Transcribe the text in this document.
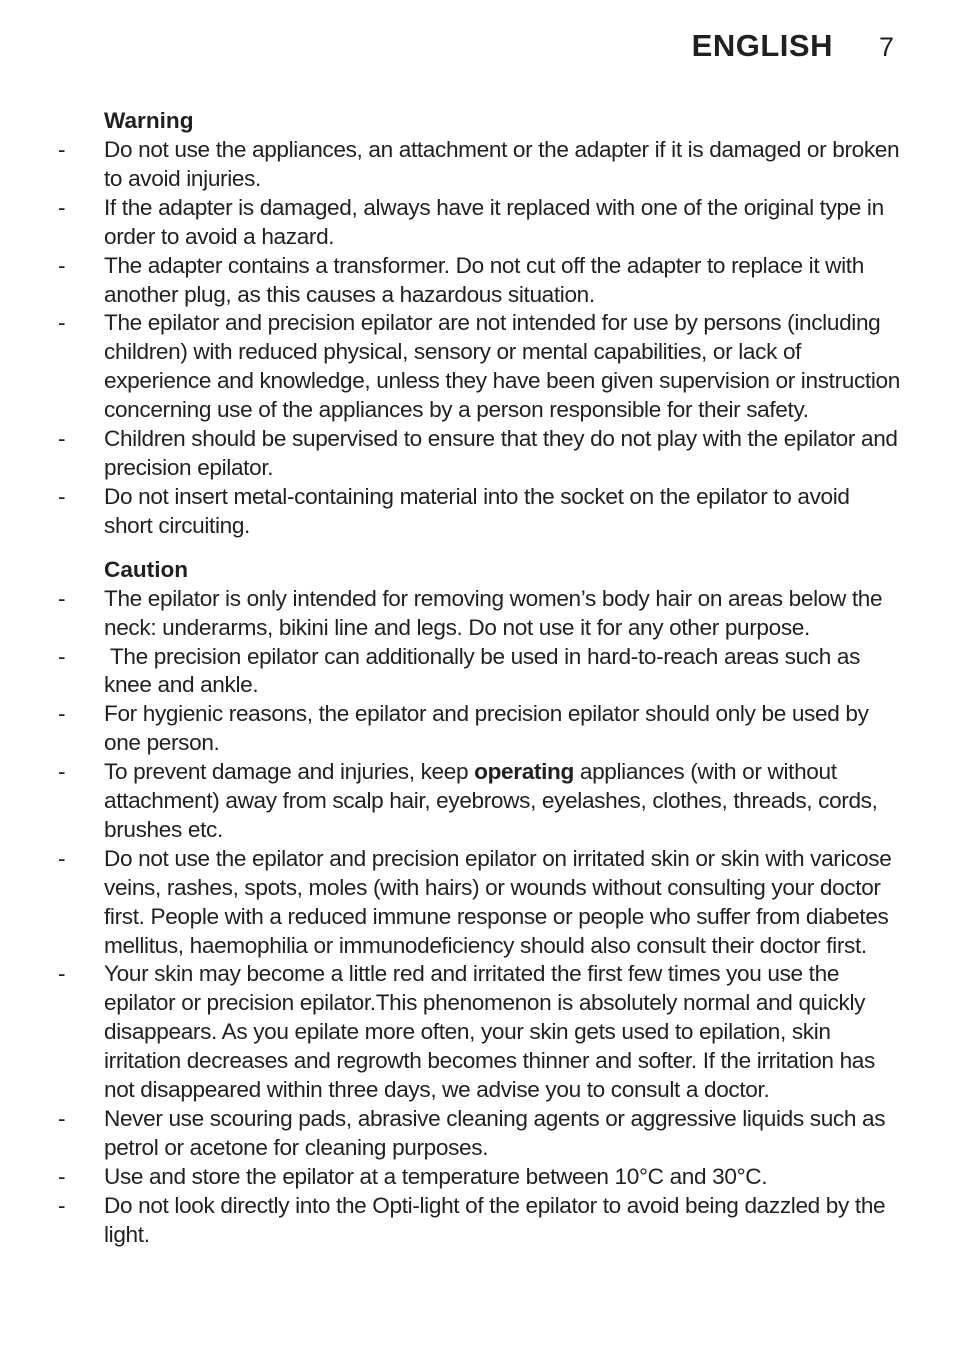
ENGLISH 7
Warning
- Do not use the appliances, an attachment or the adapter if it is damaged or broken to avoid injuries.
- If the adapter is damaged, always have it replaced with one of the original type in order to avoid a hazard.
- The adapter contains a transformer. Do not cut off the adapter to replace it with another plug, as this causes a hazardous situation.
- The epilator and precision epilator are not intended for use by persons (including children) with reduced physical, sensory or mental capabilities, or lack of experience and knowledge, unless they have been given supervision or instruction concerning use of the appliances by a person responsible for their safety.
- Children should be supervised to ensure that they do not play with the epilator and precision epilator.
- Do not insert metal-containing material into the socket on the epilator to avoid short circuiting.
Caution
- The epilator is only intended for removing women’s body hair on areas below the neck: underarms, bikini line and legs. Do not use it for any other purpose.
- The precision epilator can additionally be used in hard-to-reach areas such as knee and ankle.
- For hygienic reasons, the epilator and precision epilator should only be used by one person.
- To prevent damage and injuries, keep operating appliances (with or without attachment) away from scalp hair, eyebrows, eyelashes, clothes, threads, cords, brushes etc.
- Do not use the epilator and precision epilator on irritated skin or skin with varicose veins, rashes, spots, moles (with hairs) or wounds without consulting your doctor first. People with a reduced immune response or people who suffer from diabetes mellitus, haemophilia or immunodeficiency should also consult their doctor first.
- Your skin may become a little red and irritated the first few times you use the epilator or precision epilator.This phenomenon is absolutely normal and quickly disappears. As you epilate more often, your skin gets used to epilation, skin irritation decreases and regrowth becomes thinner and softer. If the irritation has not disappeared within three days, we advise you to consult a doctor.
- Never use scouring pads, abrasive cleaning agents or aggressive liquids such as petrol or acetone for cleaning purposes.
- Use and store the epilator at a temperature between 10°C and 30°C.
- Do not look directly into the Opti-light of the epilator to avoid being dazzled by the light.
